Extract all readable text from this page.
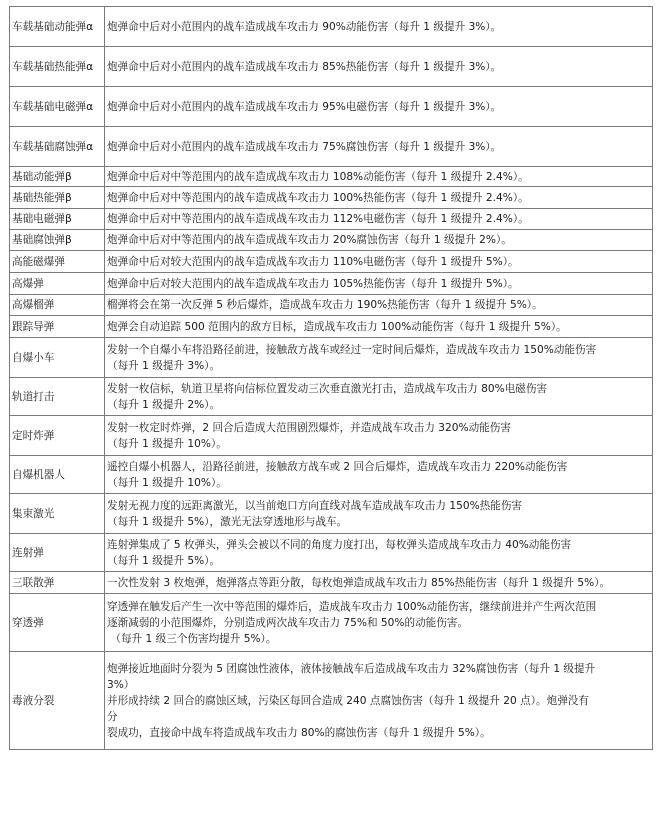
车载基础动能弹α	炮弹命中后对小范围内的战车造成战车攻击力 90%动能伤害（每升 1 级提升 3%）。

车载基础热能弹α	炮弹命中后对小范围内的战车造成战车攻击力 85%热能伤害（每升 1 级提升 3%）。

车载基础电磁弹α	炮弹命中后对小范围内的战车造成战车攻击力 95%电磁伤害（每升 1 级提升 3%）。

车载基础腐蚀弹α	炮弹命中后对小范围内的战车造成战车攻击力 75%腐蚀伤害（每升 1 级提升 3%）。

基础动能弹β	炮弹命中后对中等范围内的战车造成战车攻击力 108%动能伤害（每升 1 级提升 2.4%）。

基础热能弹β	炮弹命中后对中等范围内的战车造成战车攻击力 100%热能伤害（每升 1 级提升 2.4%）。

基础电磁弹β	炮弹命中后对中等范围内的战车造成战车攻击力 112%电磁伤害（每升 1 级提升 2.4%）。

基础腐蚀弹β	炮弹命中后对中等范围内的战车造成战车攻击力 20%腐蚀伤害（每升 1 级提升 2%）。

高能磁爆弹	炮弹命中后对较大范围内的战车造成战车攻击力 110%电磁伤害（每升 1 级提升 5%）。

高爆弹	炮弹命中后对较大范围内的战车造成战车攻击力 105%热能伤害（每升 1 级提升 5%）。

高爆榴弹	榴弹将会在第一次反弹 5 秒后爆炸，造成战车攻击力 190%热能伤害（每升 1 级提升 5%）。

跟踪导弹	炮弹会自动追踪 500 范围内的敌方目标，造成战车攻击力 100%动能伤害（每升 1 级提升 5%）。

自爆小车	发射一个自爆小车将沿路径前进，接触敌方战车或经过一定时间后爆炸，造成战车攻击力 150%动能伤害
（每升 1 级提升 3%）。

轨道打击	发射一枚信标，轨道卫星将向信标位置发动三次垂直激光打击，造成战车攻击力 80%电磁伤害
（每升 1 级提升 2%）。

定时炸弹	发射一枚定时炸弹，2 回合后造成大范围剧烈爆炸，并造成战车攻击力 320%动能伤害
（每升 1 级提升 10%）。

自爆机器人	遥控自爆小机器人，沿路径前进，接触敌方战车或 2 回合后爆炸，造成战车攻击力 220%动能伤害
（每升 1 级提升 10%）。

集束激光	发射无视力度的远距离激光，以当前炮口方向直线对战车造成战车攻击力 150%热能伤害
（每升 1 级提升 5%），激光无法穿透地形与战车。

连射弹	连射弹集成了 5 枚弹头，弹头会被以不同的角度力度打出，每枚弹头造成战车攻击力 40%动能伤害
（每升 1 级提升 5%）。

三联散弹	一次性发射 3 枚炮弹，炮弹落点等距分散，每枚炮弹造成战车攻击力 85%热能伤害（每升 1 级提升 5%）。

穿透弹	穿透弹在触发后产生一次中等范围的爆炸后，造成战车攻击力 100%动能伤害，继续前进并产生两次范围
逐渐减弱的小范围爆炸，分别造成两次战车攻击力 75%和 50%的动能伤害。
（每升 1 级三个伤害均提升 5%）。

毒液分裂	炮弹接近地面时分裂为 5 团腐蚀性液体，液体接触战车后造成战车攻击力 32%腐蚀伤害（每升 1 级提升
3%）
并形成持续 2 回合的腐蚀区域，污染区每回合造成 240 点腐蚀伤害（每升 1 级提升 20 点）。炮弹没有
分
裂成功，直接命中战车将造成战车攻击力 80%的腐蚀伤害（每升 1 级提升 5%）。
